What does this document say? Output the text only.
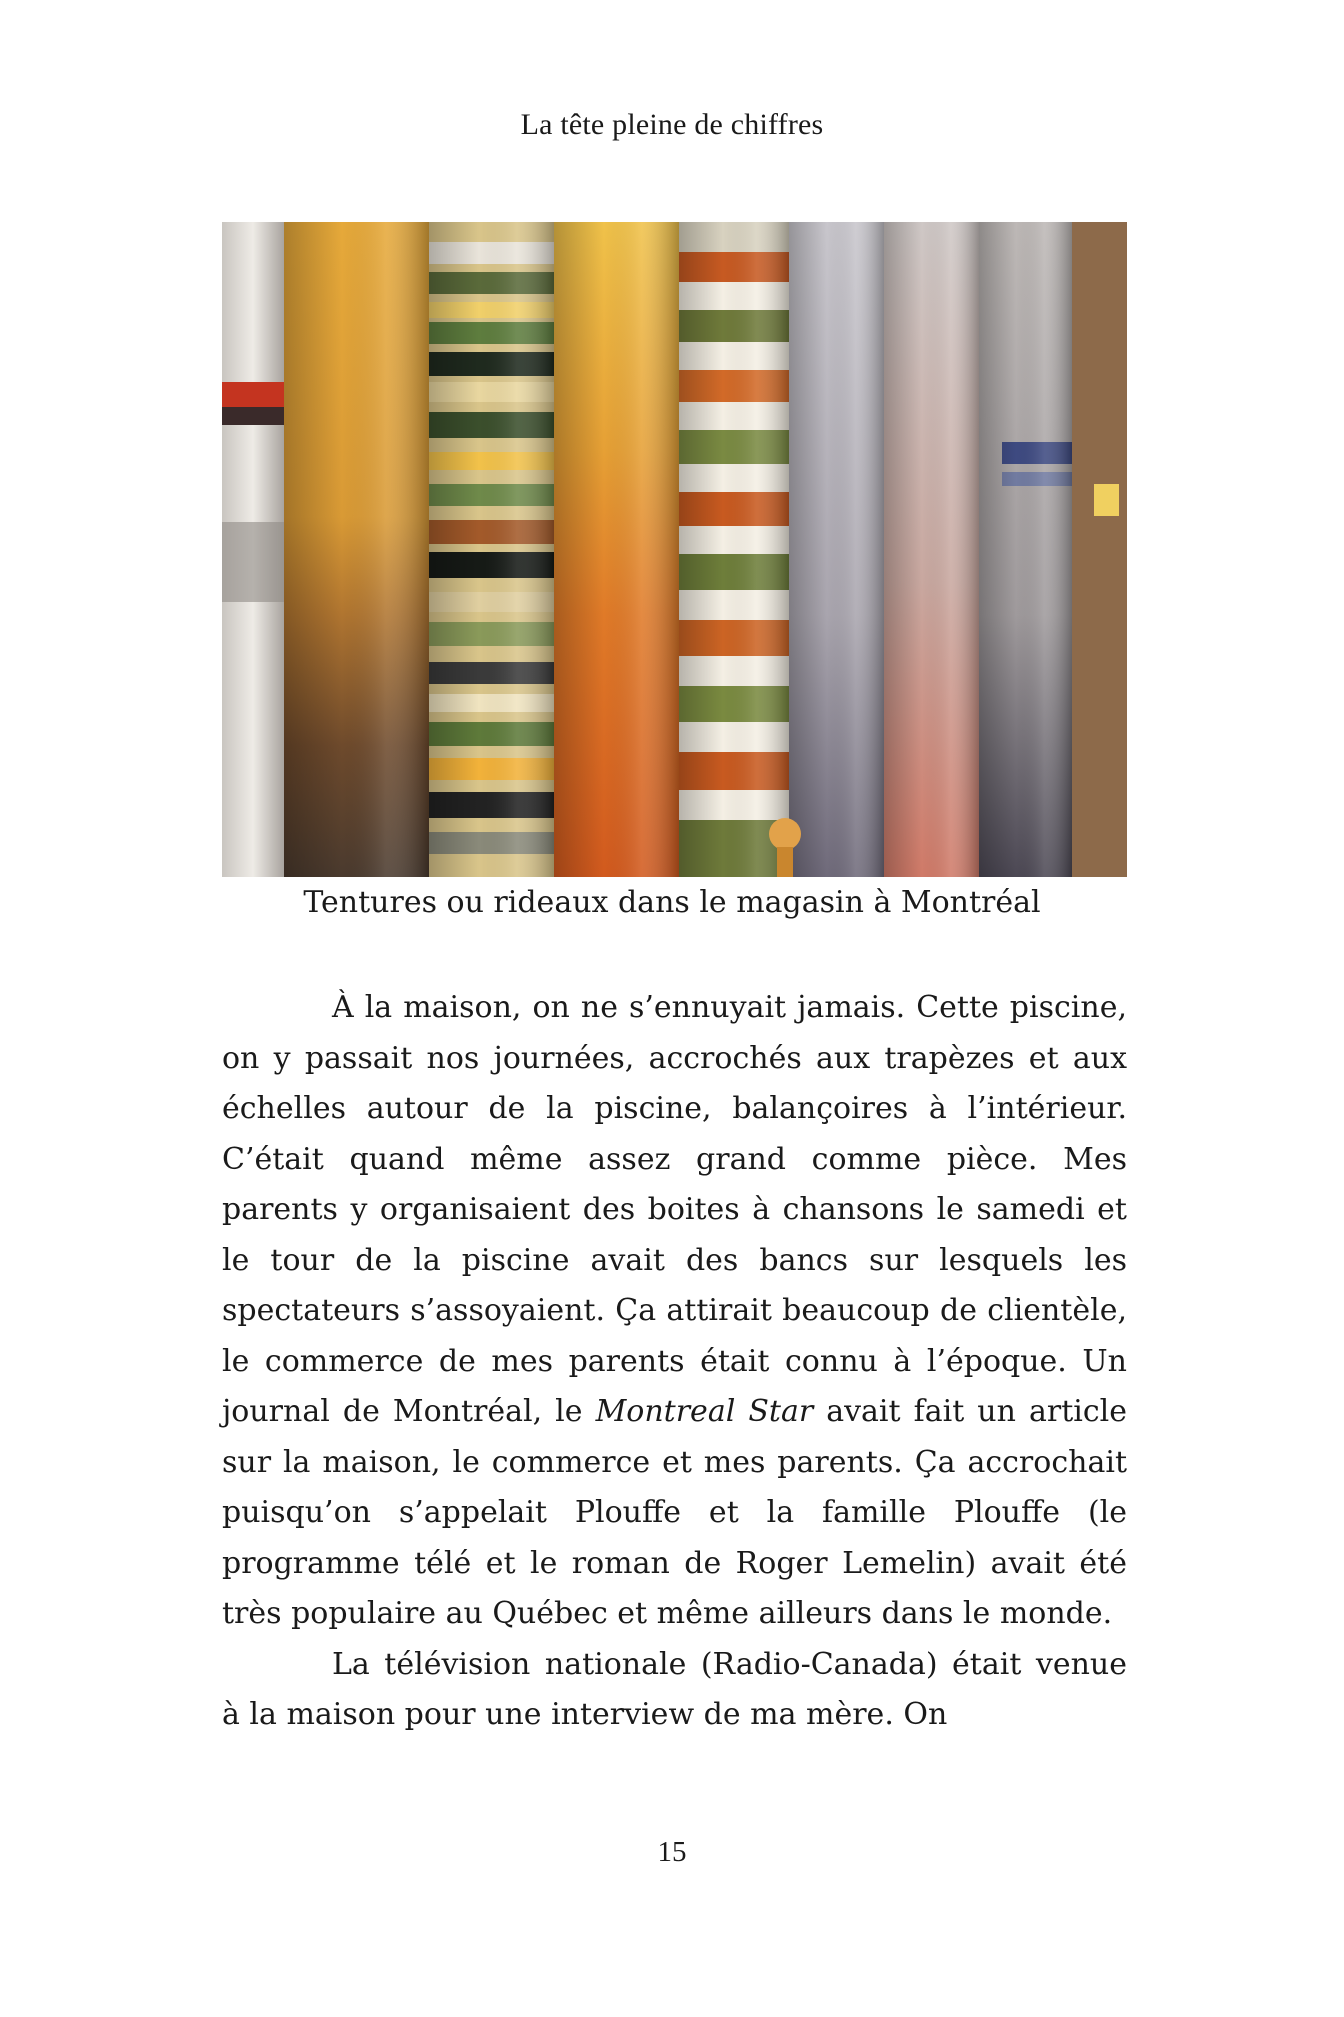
La tête pleine de chiffres
Tentures ou rideaux dans le magasin à Montréal

À la maison, on ne s’ennuyait jamais. Cette piscine, on y passait nos journées, accrochés aux trapèzes et aux échelles autour de la piscine, balançoires à l’intérieur. C’était quand même assez grand comme pièce. Mes parents y organisaient des boites à chansons le samedi et le tour de la piscine avait des bancs sur lesquels les spectateurs s’assoyaient. Ça attirait beaucoup de clientèle, le commerce de mes parents était connu à l’époque. Un journal de Montréal, le Montreal Star avait fait un article sur la maison, le commerce et mes parents. Ça accrochait puisqu’on s’appelait Plouffe et la famille Plouffe (le programme télé et le roman de Roger Lemelin) avait été très populaire au Québec et même ailleurs dans le monde.

La télévision nationale (Radio-Canada) était venue à la maison pour une interview de ma mère. On

15
